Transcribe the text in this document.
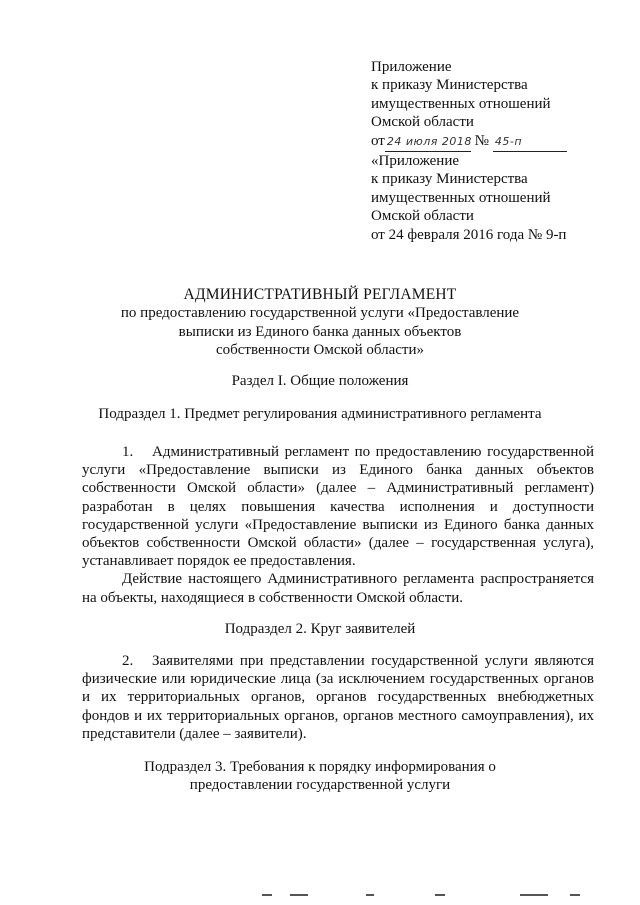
Приложение
к приказу Министерства
имущественных отношений
Омской области
от 24 июля 2018 № 45-п
«Приложение
к приказу Министерства
имущественных отношений
Омской области
от 24 февраля 2016 года № 9-п
АДМИНИСТРАТИВНЫЙ РЕГЛАМЕНТ
по предоставлению государственной услуги «Предоставление
выписки из Единого банка данных объектов
собственности Омской области»
Раздел I. Общие положения
Подраздел 1. Предмет регулирования административного регламента

1. Административный регламент по предоставлению государственной услуги «Предоставление выписки из Единого банка данных объектов собственности Омской области» (далее – Административный регламент) разработан в целях повышения качества исполнения и доступности государственной услуги «Предоставление выписки из Единого банка данных объектов собственности Омской области» (далее – государственная услуга), устанавливает порядок ее предоставления.

Действие настоящего Административного регламента распространяется на объекты, находящиеся в собственности Омской области.

Подраздел 2. Круг заявителей

2. Заявителями при представлении государственной услуги являются физические или юридические лица (за исключением государственных органов и их территориальных органов, органов государственных внебюджетных фондов и их территориальных органов, органов местного самоуправления), их представители (далее – заявители).

Подраздел 3. Требования к порядку информирования о
предоставлении государственной услуги
